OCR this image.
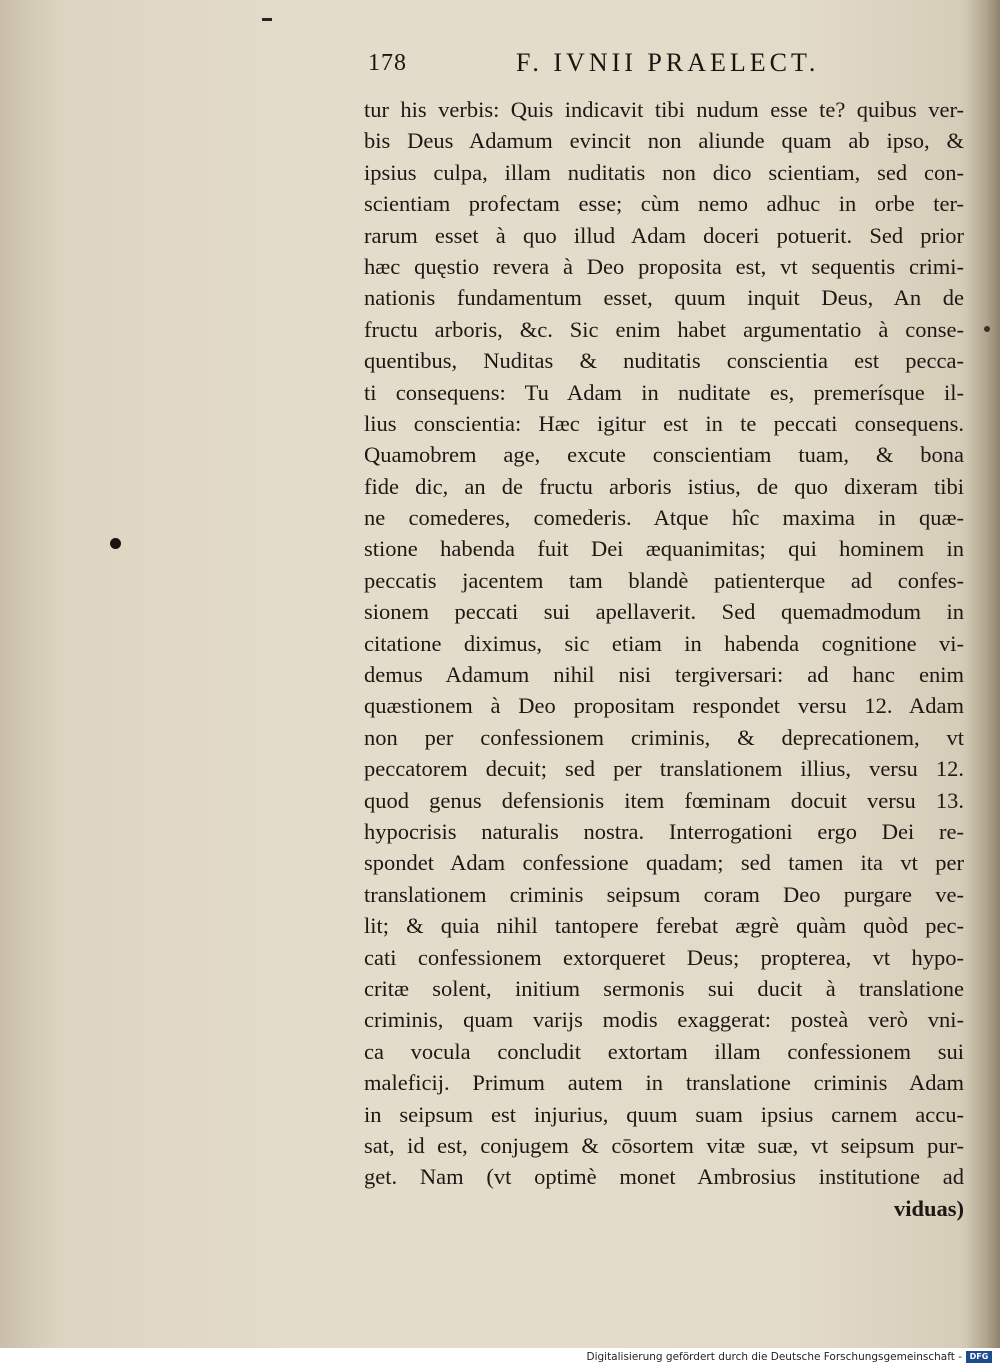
178	F. IVNII PRAELECT.
tur his verbis: Quis indicavit tibi nudum esse te? quibus ver-
bis Deus Adamum evincit non aliunde quam ab ipso, &
ipsius culpa, illam nuditatis non dico scientiam, sed con-
scientiam profectam esse; cùm nemo adhuc in orbe ter-
rarum esset à quo illud Adam doceri potuerit. Sed prior
hæc quęstio revera à Deo proposita est, vt sequentis crimi-
nationis fundamentum esset, quum inquit Deus, An de
fructu arboris, &c. Sic enim habet argumentatio à conse-
quentibus, Nuditas & nuditatis conscientia est pecca-
ti consequens: Tu Adam in nuditate es, premerísque il-
lius conscientia: Hæc igitur est in te peccati consequens.
Quamobrem age, excute conscientiam tuam, & bona
fide dic, an de fructu arboris istius, de quo dixeram tibi
ne comederes, comederis. Atque hîc maxima in quæ-
stione habenda fuit Dei æquanimitas; qui hominem in
peccatis jacentem tam blandè patienterque ad confes-
sionem peccati sui apellaverit. Sed quemadmodum in
citatione diximus, sic etiam in habenda cognitione vi-
demus Adamum nihil nisi tergiversari: ad hanc enim
quæstionem à Deo propositam respondet versu 12. Adam
non per confessionem criminis, & deprecationem, vt
peccatorem decuit; sed per translationem illius, versu 12.
quod genus defensionis item fœminam docuit versu 13.
hypocrisis naturalis nostra. Interrogationi ergo Dei re-
spondet Adam confessione quadam; sed tamen ita vt per
translationem criminis seipsum coram Deo purgare ve-
lit; & quia nihil tantopere ferebat ægrè quàm quòd pec-
cati confessionem extorqueret Deus; propterea, vt hypo-
critæ solent, initium sermonis sui ducit à translatione
criminis, quam varijs modis exaggerat: posteà verò vni-
ca vocula concludit extortam illam confessionem sui
maleficij. Primum autem in translatione criminis Adam
in seipsum est injurius, quum suam ipsius carnem accu-
sat, id est, conjugem & cōsortem vitæ suæ, vt seipsum pur-
get. Nam (vt optimè monet Ambrosius institutione ad
viduas)
Digitalisierung gefördert durch die Deutsche Forschungsgemeinschaft - DFG
